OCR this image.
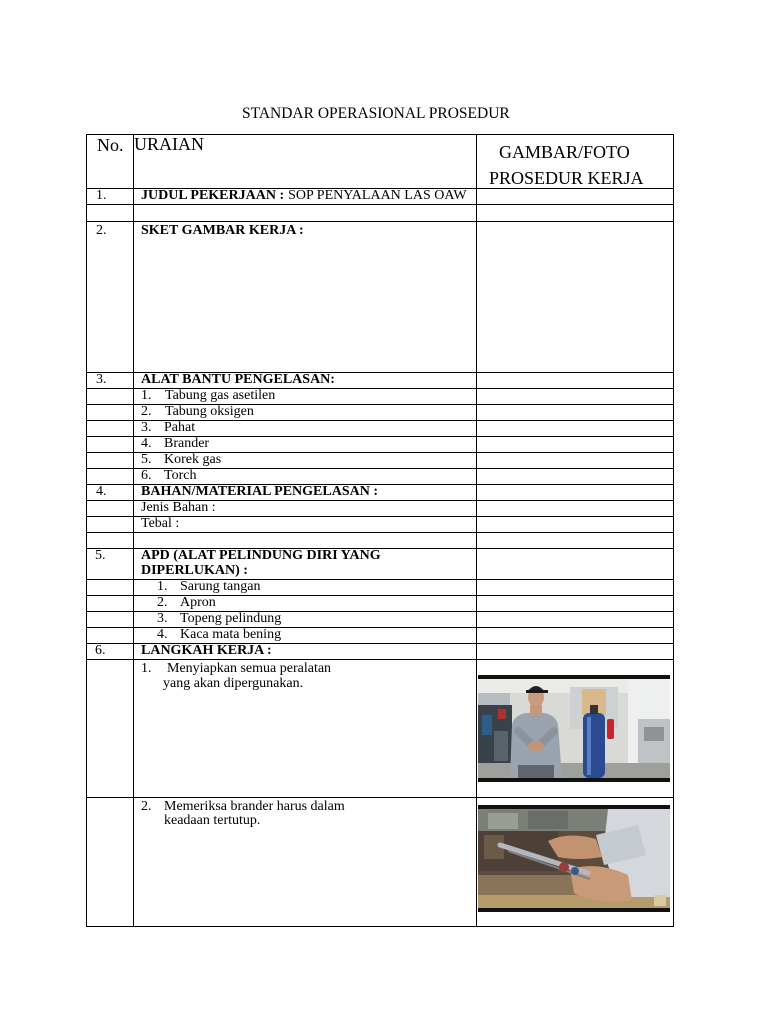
STANDAR OPERASIONAL PROSEDUR
No. URAIAN	GAMBAR/FOTO
PROSEDUR KERJA
1. JUDUL PEKERJAAN : SOP PENYALAAN LAS OAW
2. SKET GAMBAR KERJA :
3. ALAT BANTU PENGELASAN:
1. Tabung gas asetilen
2. Tabung oksigen
3. Pahat
4. Brander
5. Korek gas
6. Torch
4. BAHAN/MATERIAL PENGELASAN :
Jenis Bahan :
Tebal :
5.	APD (ALAT PELINDUNG DIRI YANG
DIPERLUKAN) :
1. Sarung tangan
2. Apron
3. Topeng pelindung
4. Kaca mata bening
6.	LANGKAH KERJA :
1. Menyiapkan semua peralatan
yang akan dipergunakan.
2. Memeriksa brander harus dalam
keadaan tertutup.
